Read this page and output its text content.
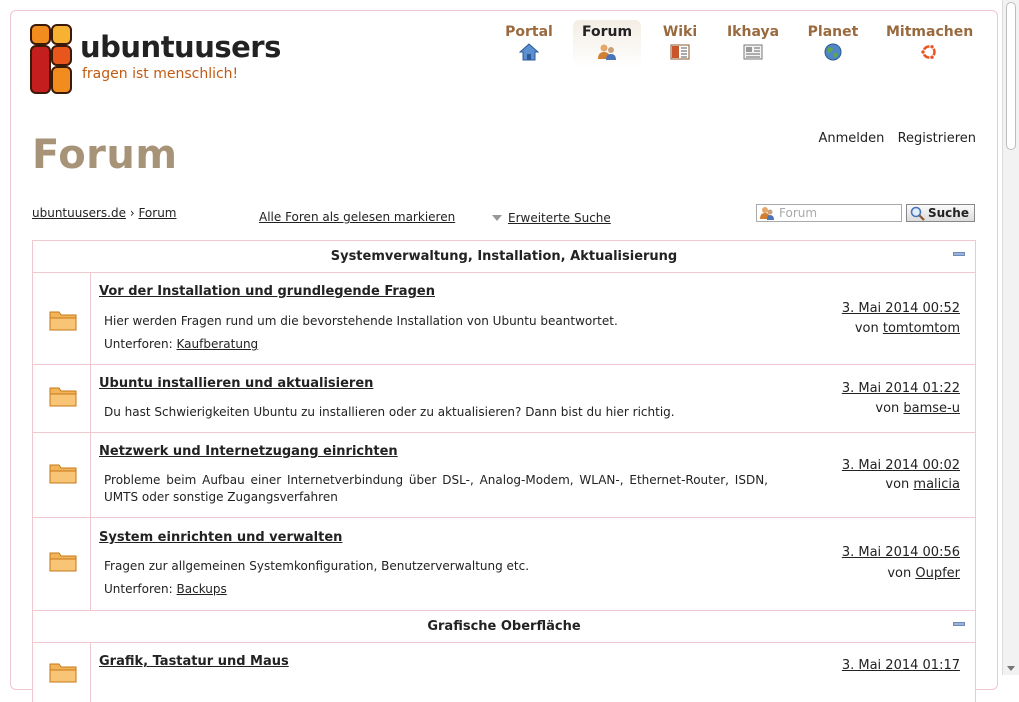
ubuntuusers
fragen ist menschlich!
Portal	Forum	Wiki	Ikhaya	Planet Mitmachen
Anmelden Registrieren
Forum
ubuntuusers.de › Forum	Alle Foren als gelesen markieren	Erweiterte Suche	Forum	Suche
Systemverwaltung, Installation, Aktualisierung
Vor der Installation und grundlegende Fragen
Hier werden Fragen rund um die bevorstehende Installation von Ubuntu beantwortet.
Unterforen: Kaufberatung
3. Mai 2014 00:52
von tomtomtom
Ubuntu installieren und aktualisieren
Du hast Schwierigkeiten Ubuntu zu installieren oder zu aktualisieren? Dann bist du hier richtig.
3. Mai 2014 01:22
von bamse-u
Netzwerk und Internetzugang einrichten
Probleme beim Aufbau einer Internetverbindung über DSL-, Analog-Modem, WLAN-, Ethernet-Router, ISDN, UMTS oder sonstige Zugangsverfahren
3. Mai 2014 00:02
von malicia
System einrichten und verwalten
Fragen zur allgemeinen Systemkonfiguration, Benutzerverwaltung etc.
Unterforen: Backups
3. Mai 2014 00:56
von Oupfer
Grafische Oberfläche
Grafik, Tastatur und Maus	3. Mai 2014 01:17
